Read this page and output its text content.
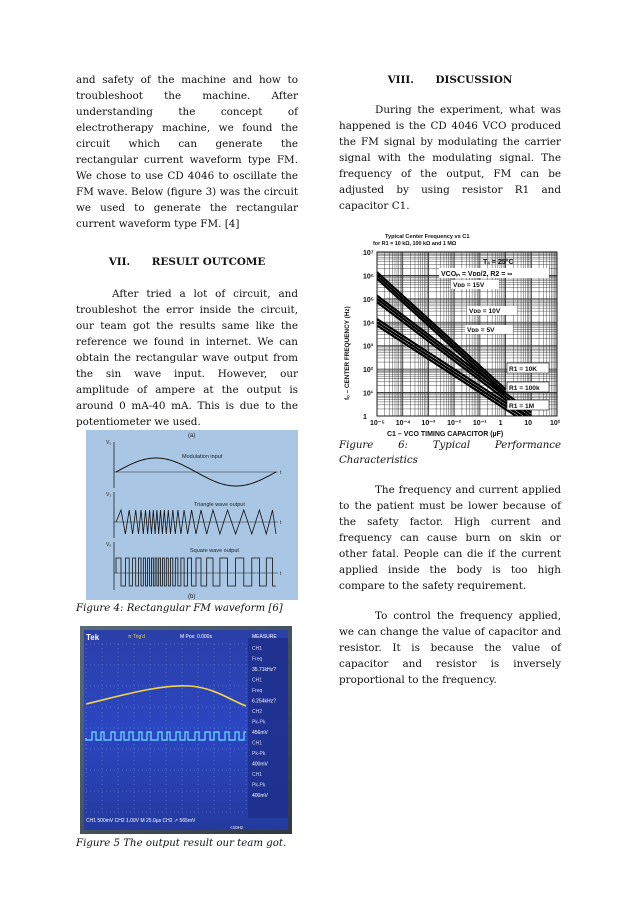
and safety of the machine and how to troubleshoot the machine. After understanding the concept of electrotherapy machine, we found the circuit which can generate the rectangular current waveform type FM. We chose to use CD 4046 to oscillate the FM wave. Below (figure 3) was the circuit we used to generate the rectangular current waveform type FM. [4]

VII.      RESULT OUTCOME

After tried a lot of circuit, and troubleshot the error inside the circuit, our team got the results same like the reference we found in internet. We can obtain the rectangular wave output from the sin wave input. However, our amplitude of ampere at the output is around 0 mA-40 mA. This is due to the potentiometer we used.

(a)
(b)
V₁
t
Modulation input
V₂
t
Triangle wave output
Vₒ
t
Square wave output

Figure 4: Rectangular FM waveform [6]

Tek	π Trig'd	M Pos: 0.000s	MEASURE
CH1
Freq
35.71kHz?
CH1
Freq
6.254kHz?
CH2
Pk-Pk
456mV
CH1
Pk-Pk
400mV
CH1
Pk-Pk
400mV
CH1 500mV CH2 1.00V M 25.0µs CH2 ↗ 565mV
<10Hz

Figure 5 The output result our team got.

VIII.      DISCUSSION

During the experiment, what was happened is the CD 4046 VCO produced the FM signal by modulating the carrier signal with the modulating signal. The frequency of the output, FM can be adjusted by using resistor R1 and capacitor C1.

Typical Center Frequency vs C1
for R1 = 10 kΩ, 100 kΩ and 1 MΩ
1
10¹
10²
10³
10⁴
10⁵
10⁶
10⁷
10⁻⁵ 10⁻⁴ 10⁻³ 10⁻² 10⁻¹ 1	10	10²
Tₐ = 25°C
VCOᵢₙ = Vᴅᴅ/2, R2 = ∞
Vᴅᴅ = 15V
Vᴅᴅ = 10V
Vᴅᴅ = 5V
R1 = 10K
R1 = 100k
R1 = 1M
fₒ – CENTER FREQUENCY (Hz)
C1 – VCO TIMING CAPACITOR (µF)

Figure      6:      Typical      Performance Characteristics

The frequency and current applied to the patient must be lower because of the safety factor. High current and frequency can cause burn on skin or other fatal. People can die if the current applied inside the body is too high compare to the safety requirement.

To control the frequency applied, we can change the value of capacitor and resistor. It is because the value of capacitor and resistor is inversely proportional to the frequency.
